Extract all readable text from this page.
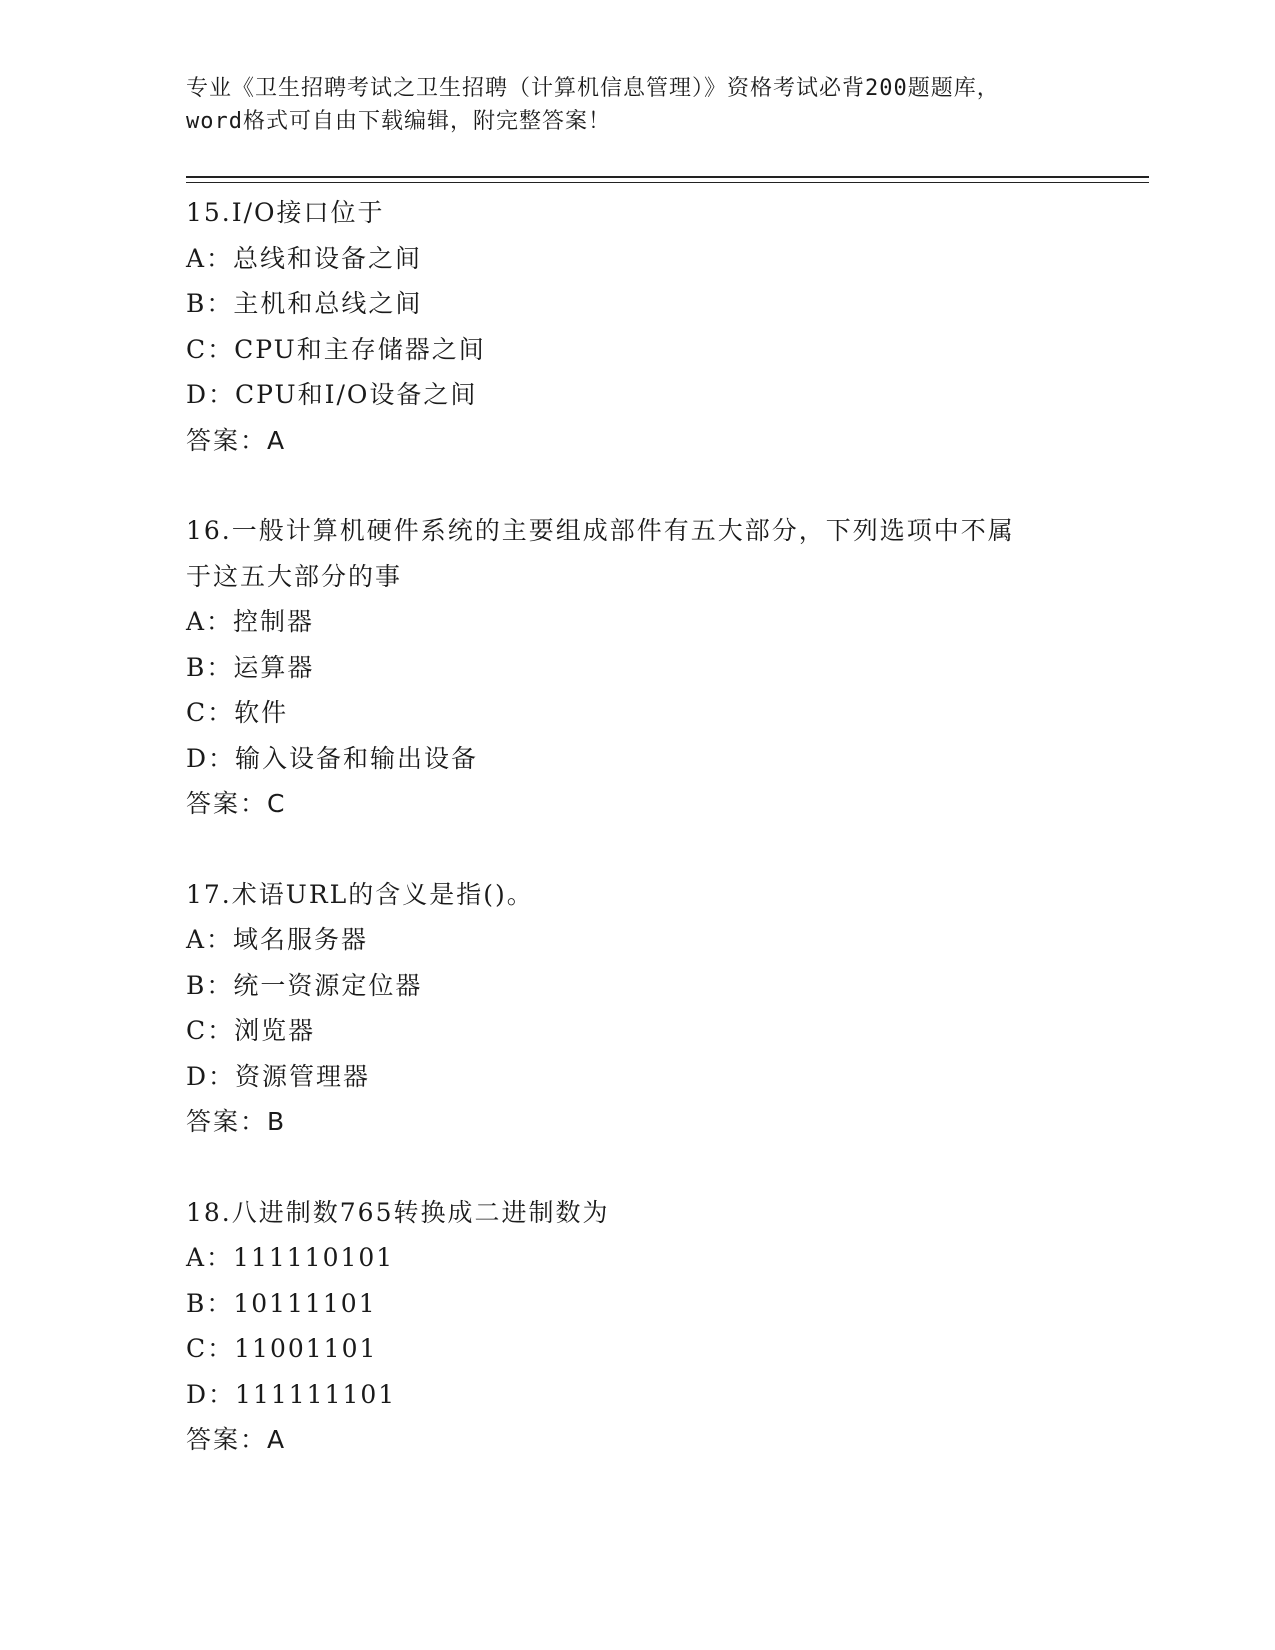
专业《卫生招聘考试之卫生招聘（计算机信息管理）》资格考试必背200题题库，
word格式可自由下载编辑，附完整答案！
15.I/O接口位于
A：总线和设备之间
B：主机和总线之间
C：CPU和主存储器之间
D：CPU和I/O设备之间
答案：A
16.一般计算机硬件系统的主要组成部件有五大部分，下列选项中不属
于这五大部分的事
A：控制器
B：运算器
C：软件
D：输入设备和输出设备
答案：C
17.术语URL的含义是指()。
A：域名服务器
B：统一资源定位器
C：浏览器
D：资源管理器
答案：B
18.八进制数765转换成二进制数为
A：111110101
B：10111101
C：11001101
D：111111101
答案：A
